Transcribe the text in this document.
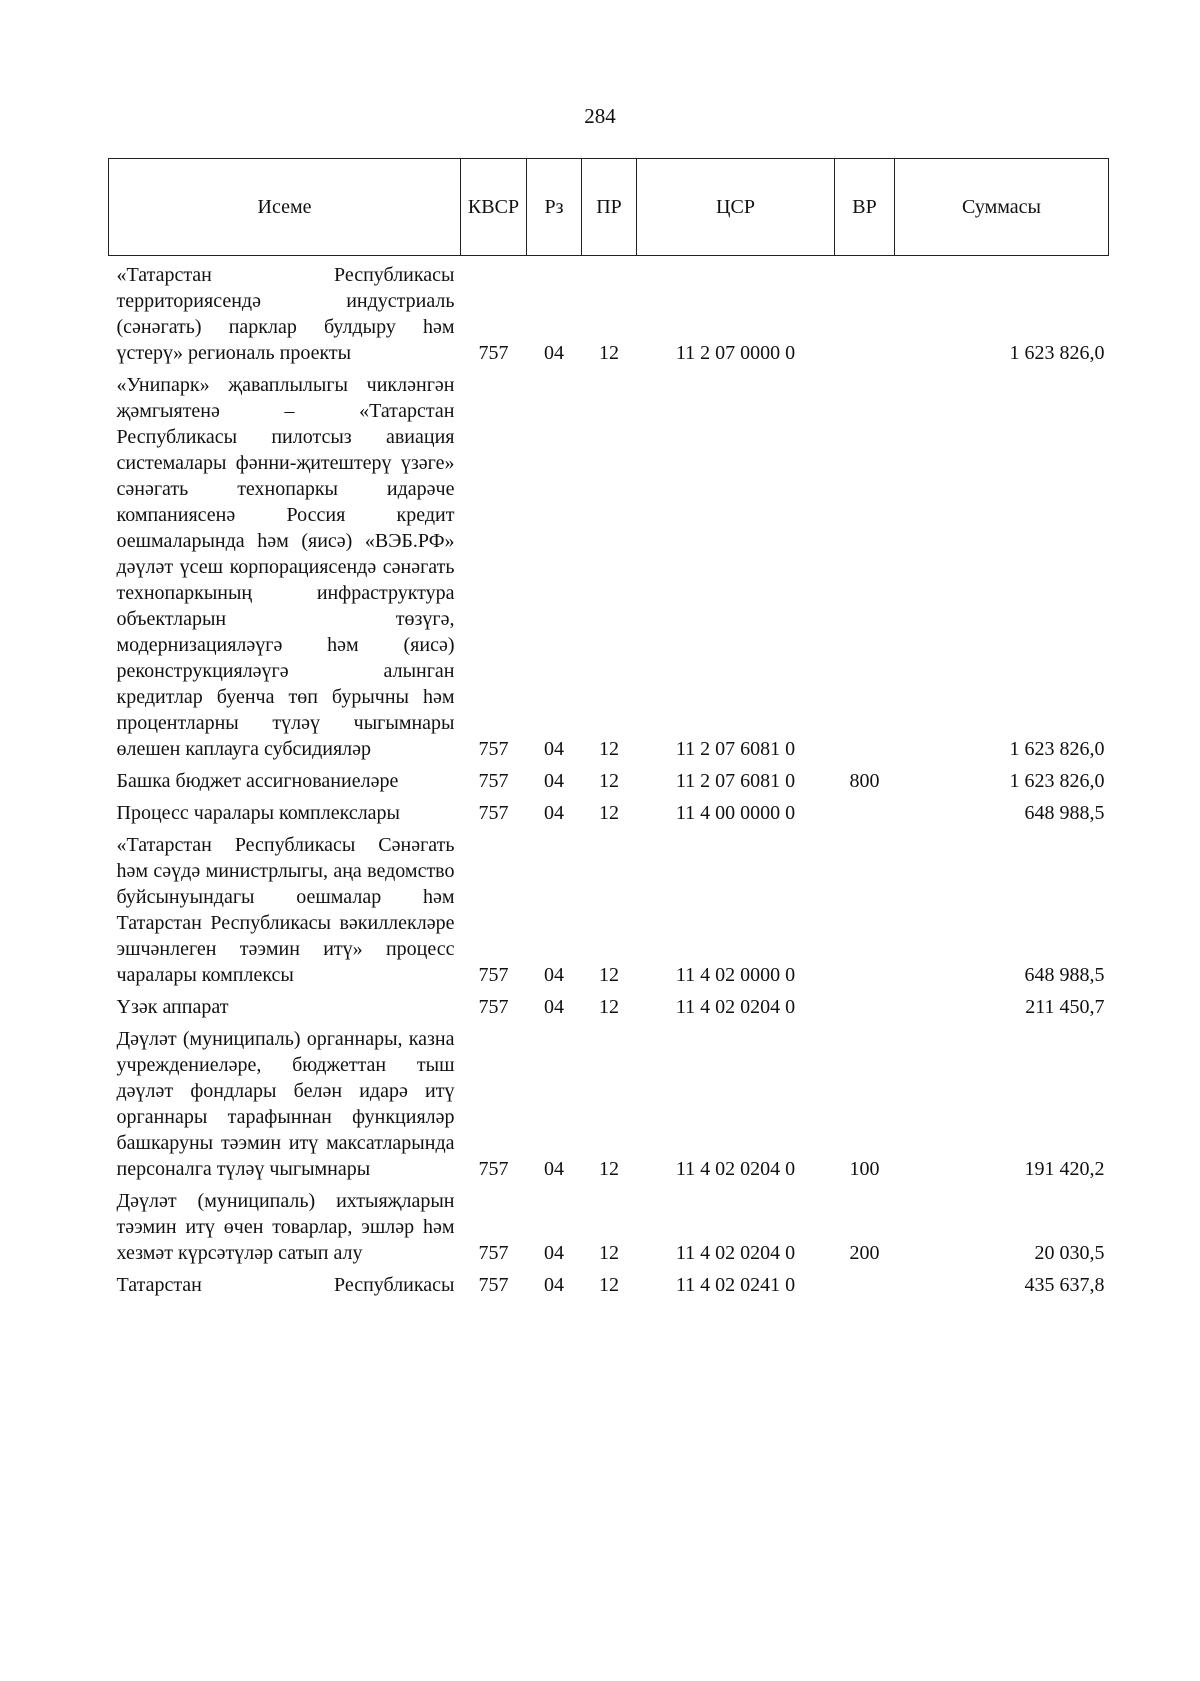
284
Исеме	КВСР	Рз	ПР	ЦСР	ВР	Суммасы
«Татарстан Республикасы территориясендә индустриаль (сәнәгать) парклар булдыру һәм үстерү» региональ проекты	757	04	12	11 2 07 0000 0		1 623 826,0
«Унипарк» җаваплылыгы чикләнгән җәмгыятенә – «Татарстан Республикасы пилотсыз авиация системалары фәнни-җитештерү үзәге» сәнәгать технопаркы идарәче компаниясенә Россия кредит оешмаларында һәм (яисә) «ВЭБ.РФ» дәүләт үсеш корпорациясендә сәнәгать технопаркының инфраструктура объектларын төзүгә, модернизацияләүгә һәм (яисә) реконструкцияләүгә алынган кредитлар буенча төп бурычны һәм процентларны түләү чыгымнары өлешен каплауга субсидияләр	757	04	12	11 2 07 6081 0		1 623 826,0
Башка бюджет ассигнованиеләре	757	04	12	11 2 07 6081 0	800	1 623 826,0
Процесс чаралары комплекслары	757	04	12	11 4 00 0000 0		648 988,5
«Татарстан Республикасы Сәнәгать һәм сәүдә министрлыгы, аңа ведомство буйсынуындагы оешмалар һәм Татарстан Республикасы вәкиллекләре эшчәнлеген тәэмин итү» процесс чаралары комплексы	757	04	12	11 4 02 0000 0		648 988,5
Үзәк аппарат	757	04	12	11 4 02 0204 0		211 450,7
Дәүләт (муниципаль) органнары, казна учреждениеләре, бюджеттан тыш дәүләт фондлары белән идарә итү органнары тарафыннан функцияләр башкаруны тәэмин итү максатларында персоналга түләү чыгымнары	757	04	12	11 4 02 0204 0	100	191 420,2
Дәүләт (муниципаль) ихтыяҗларын тәэмин итү өчен товарлар, эшләр һәм хезмәт күрсәтүләр сатып алу	757	04	12	11 4 02 0204 0	200	20 030,5
Татарстан Республикасы	757	04	12	11 4 02 0241 0		435 637,8
